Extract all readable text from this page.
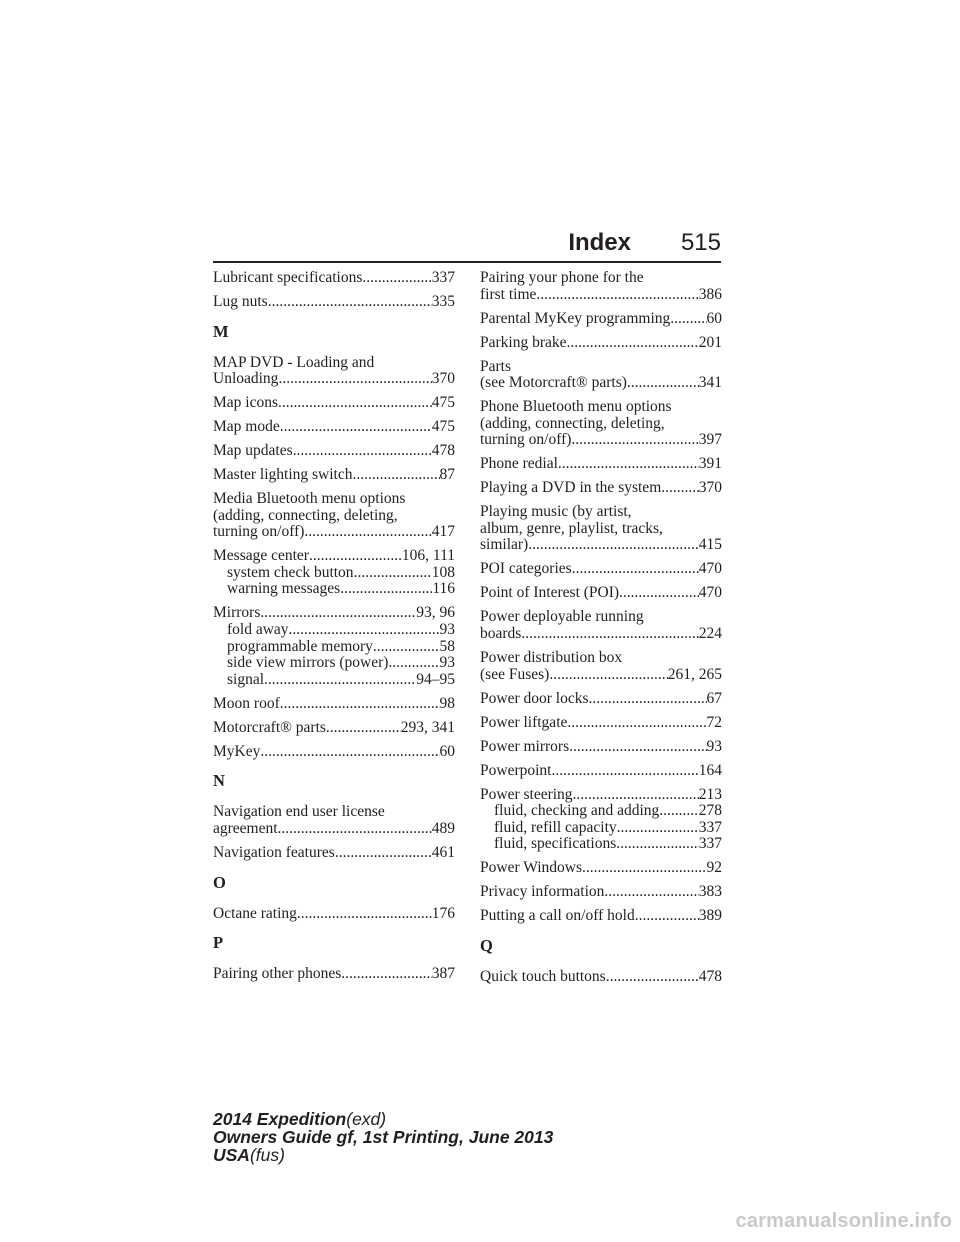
Index 515
Lubricant specifications .....	337
Lug nuts .....	335
M
MAP DVD - Loading and
Unloading .....	370
Map icons .....	475
Map mode .....	475
Map updates .....	478
Master lighting switch .....	87
Media Bluetooth menu options
(adding, connecting, deleting,
turning on/off) .....	417
Message center .....	106, 111
system check button .....	108
warning messages .....	116
Mirrors .....	93, 96
fold away .....	93
programmable memory .....	58
side view mirrors (power) .....	93
signal .....	94–95
Moon roof .....	98
Motorcraft® parts .....	293, 341
MyKey .....	60
N
Navigation end user license
agreement .....	489
Navigation features .....	461
O
Octane rating .....	176
P
Pairing other phones .....	387
Pairing your phone for the
first time .....	386
Parental MyKey programming ..... 60
Parking brake .....	201
Parts
(see Motorcraft® parts) .....	341
Phone Bluetooth menu options
(adding, connecting, deleting,
turning on/off) .....	397
Phone redial .....	391
Playing a DVD in the system ..... 370
Playing music (by artist,
album, genre, playlist, tracks,
similar) .....	415
POI categories .....	470
Point of Interest (POI) .....	470
Power deployable running
boards .....	224
Power distribution box
(see Fuses) .....	261, 265
Power door locks .....	67
Power liftgate .....	72
Power mirrors .....	93
Powerpoint .....	164
Power steering .....	213
fluid, checking and adding .....	278
fluid, refill capacity .....	337
fluid, specifications .....	337
Power Windows .....	92
Privacy information .....	383
Putting a call on/off hold .....	389
Q
Quick touch buttons .....	478
2014 Expedition(exd)
Owners Guide gf, 1st Printing, June 2013
USA(fus)
carmanualsonline.info
